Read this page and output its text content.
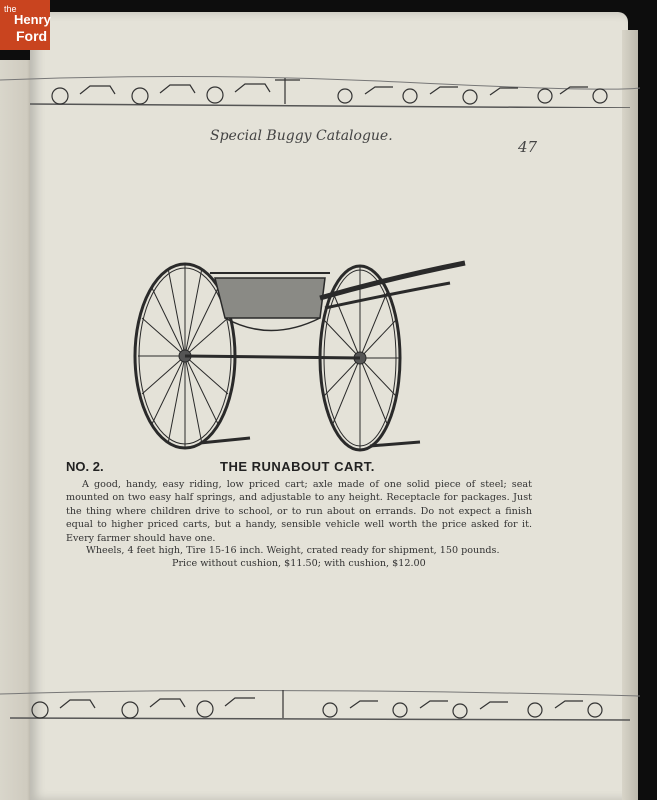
the
Henry
Ford
Special Buggy Catalogue.
47
NO. 2.	THE RUNABOUT CART.
A good, handy, easy riding, low priced cart; axle made of one solid piece of steel; seat mounted on two easy half springs, and adjustable to any height. Receptacle for packages. Just the thing where children drive to school, or to run about on errands. Do not expect a finish equal to higher priced carts, but a handy, sensible vehicle well worth the price asked for it. Every farmer should have one.
Wheels, 4 feet high, Tire 15-16 inch. Weight, crated ready for shipment, 150 pounds.
Price without cushion, $11.50; with cushion, $12.00
